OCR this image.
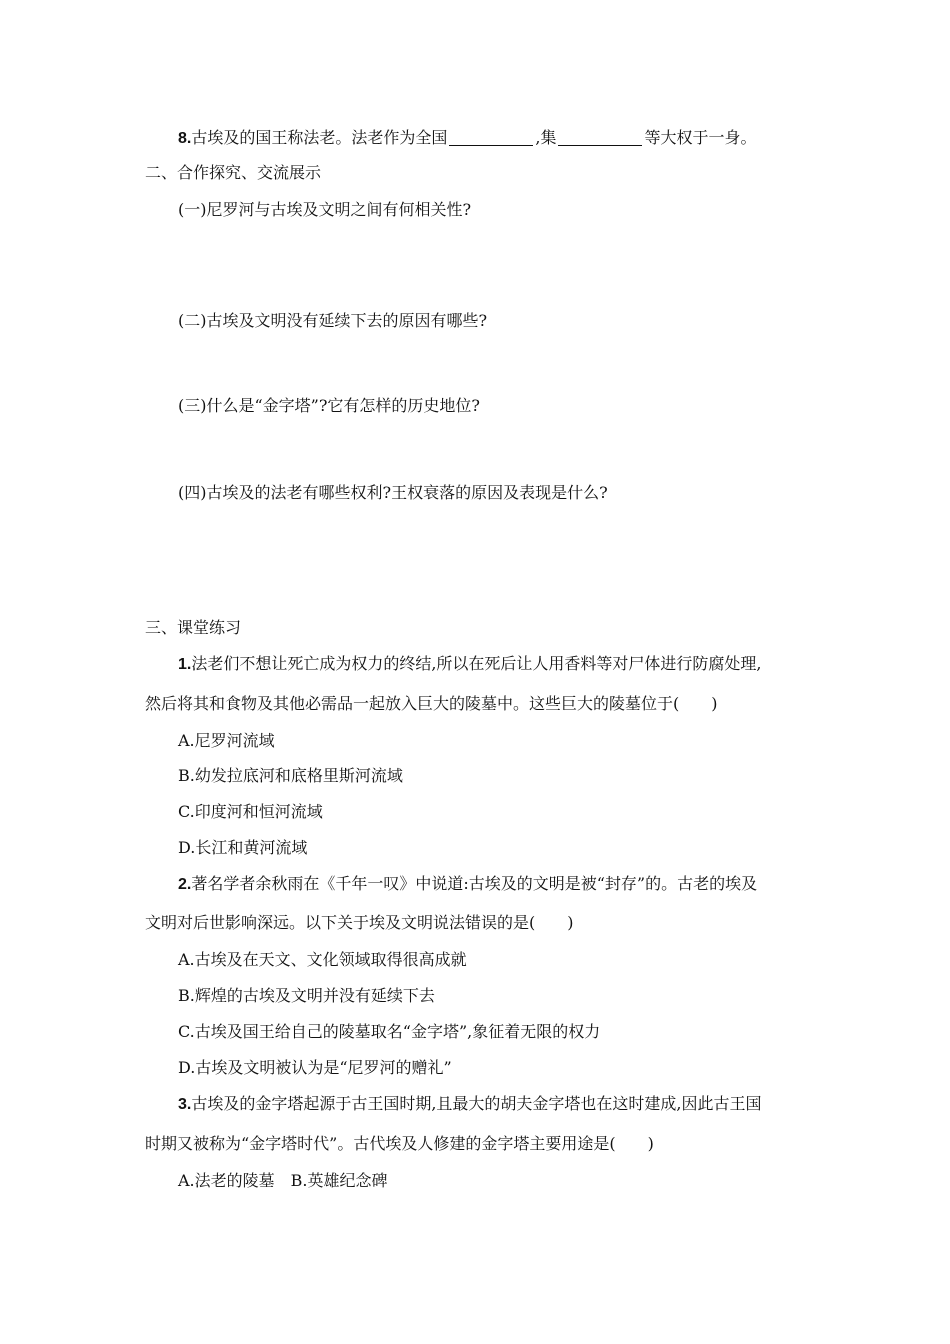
8.古埃及的国王称法老。法老作为全国	,集	等大权于一身。
二、合作探究、交流展示
(一)尼罗河与古埃及文明之间有何相关性?
(二)古埃及文明没有延续下去的原因有哪些?
(三)什么是“金字塔”?它有怎样的历史地位?
(四)古埃及的法老有哪些权利?王权衰落的原因及表现是什么?
三、课堂练习
1.法老们不想让死亡成为权力的终结,所以在死后让人用香料等对尸体进行防腐处理,
然后将其和食物及其他必需品一起放入巨大的陵墓中。这些巨大的陵墓位于(　　)
A.尼罗河流域
B.幼发拉底河和底格里斯河流域
C.印度河和恒河流域
D.长江和黄河流域
2.著名学者余秋雨在《千年一叹》中说道:古埃及的文明是被“封存”的。古老的埃及
文明对后世影响深远。以下关于埃及文明说法错误的是(　　)
A.古埃及在天文、文化领域取得很高成就
B.辉煌的古埃及文明并没有延续下去
C.古埃及国王给自己的陵墓取名“金字塔”,象征着无限的权力
D.古埃及文明被认为是“尼罗河的赠礼”
3.古埃及的金字塔起源于古王国时期,且最大的胡夫金字塔也在这时建成,因此古王国
时期又被称为“金字塔时代”。古代埃及人修建的金字塔主要用途是(　　)
A.法老的陵墓　B.英雄纪念碑
